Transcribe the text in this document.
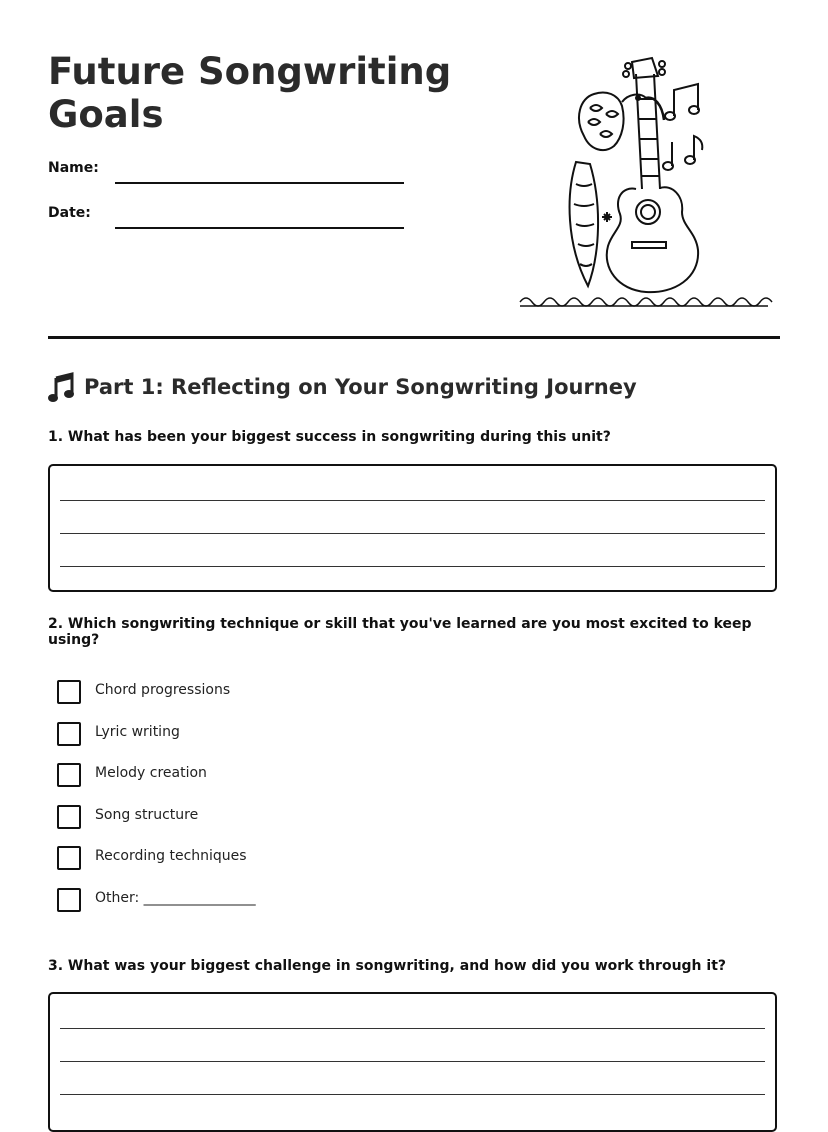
Future Songwriting Goals
Name:
Date:
Part 1: Reflecting on Your Songwriting Journey

1. What has been your biggest success in songwriting during this unit?

2. Which songwriting technique or skill that you've learned are you most excited to keep using?

Chord progressions
Lyric writing
Melody creation
Song structure
Recording techniques
Other: ________________

3. What was your biggest challenge in songwriting, and how did you work through it?
